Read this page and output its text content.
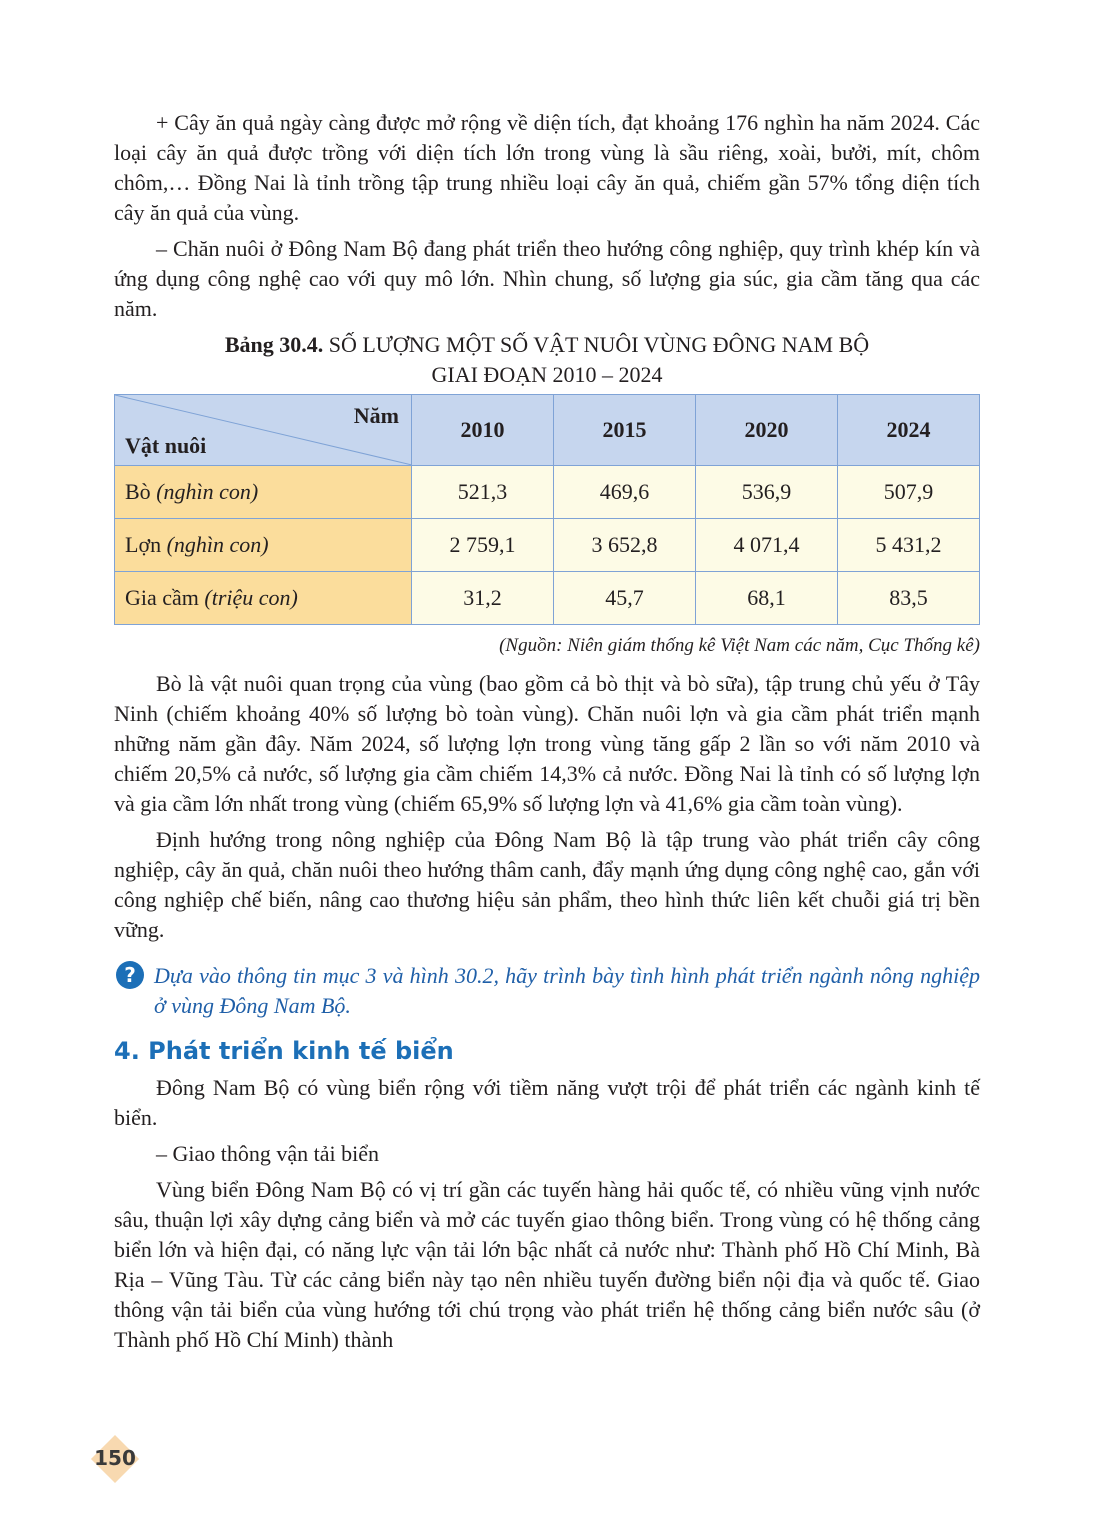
+ Cây ăn quả ngày càng được mở rộng về diện tích, đạt khoảng 176 nghìn ha năm 2024. Các loại cây ăn quả được trồng với diện tích lớn trong vùng là sầu riêng, xoài, bưởi, mít, chôm chôm,… Đồng Nai là tỉnh trồng tập trung nhiều loại cây ăn quả, chiếm gần 57% tổng diện tích cây ăn quả của vùng.

– Chăn nuôi ở Đông Nam Bộ đang phát triển theo hướng công nghiệp, quy trình khép kín và ứng dụng công nghệ cao với quy mô lớn. Nhìn chung, số lượng gia súc, gia cầm tăng qua các năm.

Bảng 30.4. SỐ LƯỢNG MỘT SỐ VẬT NUÔI VÙNG ĐÔNG NAM BỘ
GIAI ĐOẠN 2010 – 2024
Năm
Vật nuôi	2010	2015	2020	2024
Bò (nghìn con)	521,3	469,6	536,9	507,9
Lợn (nghìn con)	2 759,1	3 652,8	4 071,4	5 431,2
Gia cầm (triệu con)	31,2	45,7	68,1	83,5
(Nguồn: Niên giám thống kê Việt Nam các năm, Cục Thống kê)

Bò là vật nuôi quan trọng của vùng (bao gồm cả bò thịt và bò sữa), tập trung chủ yếu ở Tây Ninh (chiếm khoảng 40% số lượng bò toàn vùng). Chăn nuôi lợn và gia cầm phát triển mạnh những năm gần đây. Năm 2024, số lượng lợn trong vùng tăng gấp 2 lần so với năm 2010 và chiếm 20,5% cả nước, số lượng gia cầm chiếm 14,3% cả nước. Đồng Nai là tỉnh có số lượng lợn và gia cầm lớn nhất trong vùng (chiếm 65,9% số lượng lợn và 41,6% gia cầm toàn vùng).

Định hướng trong nông nghiệp của Đông Nam Bộ là tập trung vào phát triển cây công nghiệp, cây ăn quả, chăn nuôi theo hướng thâm canh, đẩy mạnh ứng dụng công nghệ cao, gắn với công nghiệp chế biến, nâng cao thương hiệu sản phẩm, theo hình thức liên kết chuỗi giá trị bền vững.

? Dựa vào thông tin mục 3 và hình 30.2, hãy trình bày tình hình phát triển ngành nông nghiệp ở vùng Đông Nam Bộ.
4. Phát triển kinh tế biển

Đông Nam Bộ có vùng biển rộng với tiềm năng vượt trội để phát triển các ngành kinh tế biển.

– Giao thông vận tải biển

Vùng biển Đông Nam Bộ có vị trí gần các tuyến hàng hải quốc tế, có nhiều vũng vịnh nước sâu, thuận lợi xây dựng cảng biển và mở các tuyến giao thông biển. Trong vùng có hệ thống cảng biển lớn và hiện đại, có năng lực vận tải lớn bậc nhất cả nước như: Thành phố Hồ Chí Minh, Bà Rịa – Vũng Tàu. Từ các cảng biển này tạo nên nhiều tuyến đường biển nội địa và quốc tế. Giao thông vận tải biển của vùng hướng tới chú trọng vào phát triển hệ thống cảng biển nước sâu (ở Thành phố Hồ Chí Minh) thành

150
